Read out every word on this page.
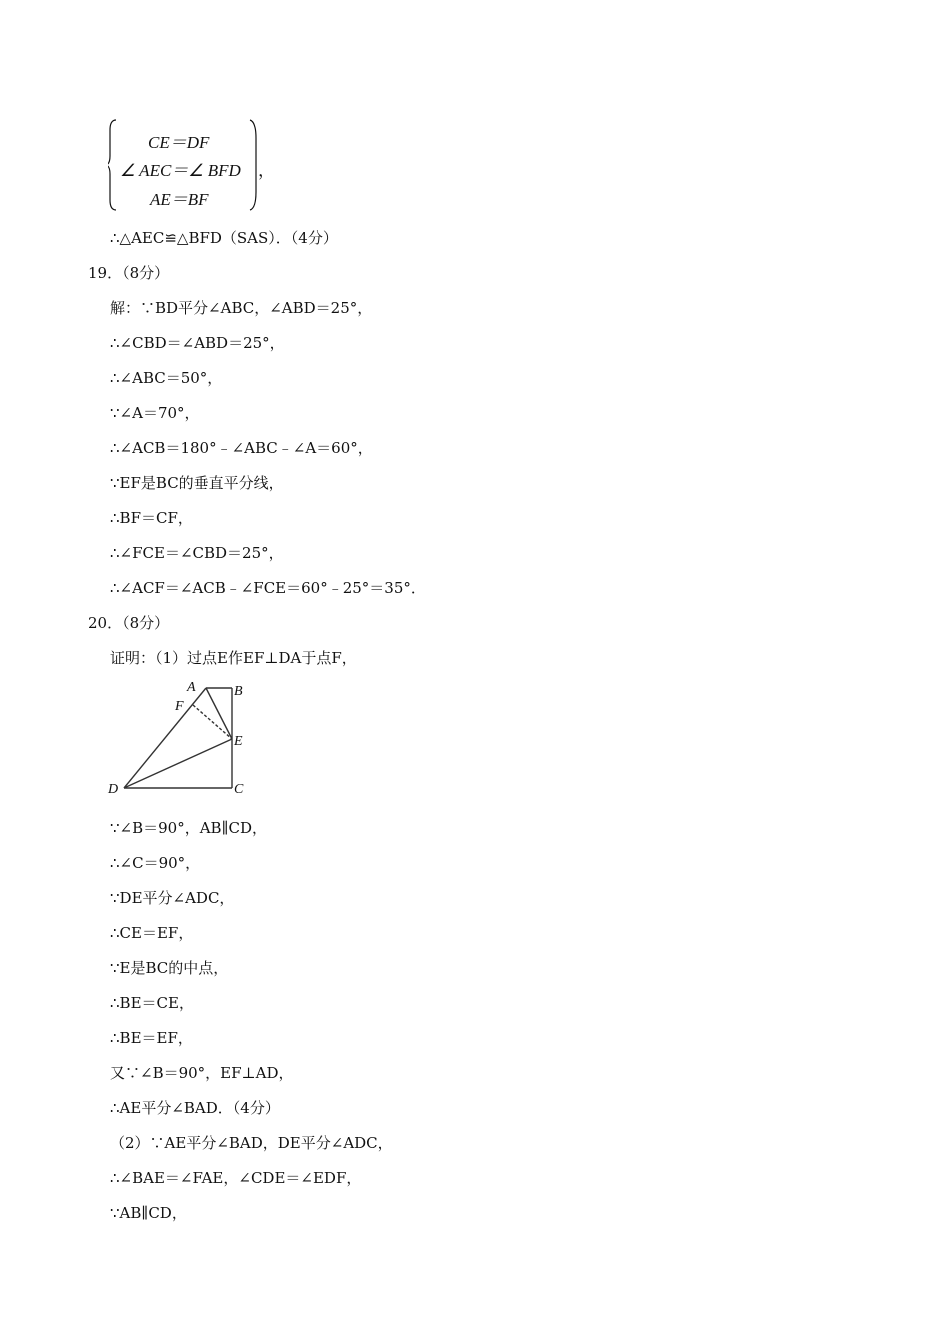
CE＝DF
∠ AEC＝∠ BFD
AE＝BF
，
∴△AEC≌△BFD（SAS）．（4分）
19．（8分）
解：∵BD平分∠ABC，∠ABD＝25°，
∴∠CBD＝∠ABD＝25°，
∴∠ABC＝50°，
∵∠A＝70°，
∴∠ACB＝180°﹣∠ABC﹣∠A＝60°，
∵EF是BC的垂直平分线，
∴BF＝CF，
∴∠FCE＝∠CBD＝25°，
∴∠ACF＝∠ACB﹣∠FCE＝60°﹣25°＝35°．
20．（8分）
证明：（1）过点E作EF⊥DA于点F，
A	B
F
E
D	C
∵∠B＝90°，AB∥CD，
∴∠C＝90°，
∵DE平分∠ADC，
∴CE＝EF，
∵E是BC的中点，
∴BE＝CE，
∴BE＝EF，
又∵∠B＝90°，EF⊥AD，
∴AE平分∠BAD．（4分）
（2）∵AE平分∠BAD，DE平分∠ADC，
∴∠BAE＝∠FAE，∠CDE＝∠EDF，
∵AB∥CD，
